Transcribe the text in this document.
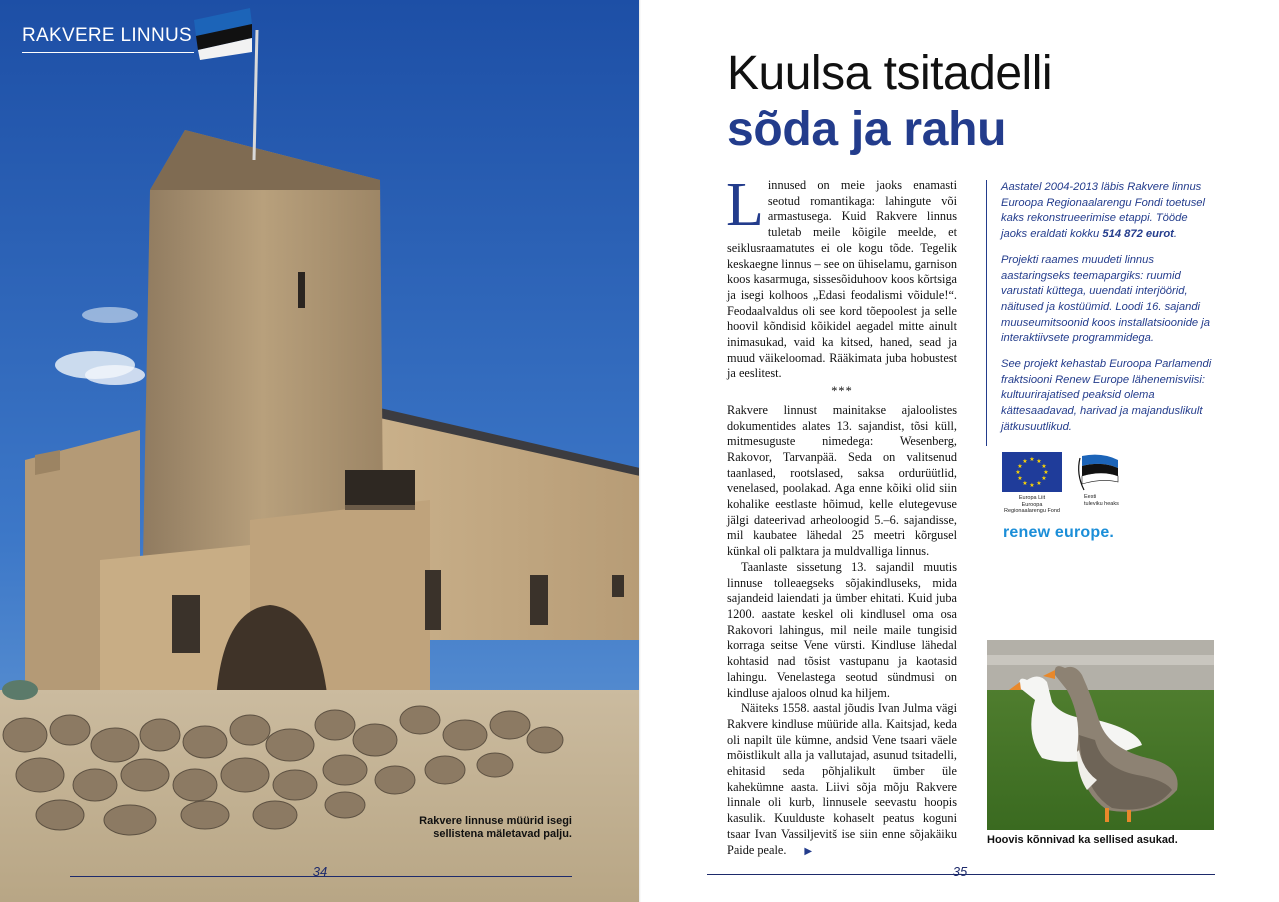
RAKVERE LINNUS
Rakvere linnuse müürid isegi sellistena mäletavad palju.
34
Kuulsa tsitadelli
sõda ja rahu

Linnused on meie jaoks enamasti seotud romantikaga: lahingute või armastusega. Kuid Rakvere linnus tuletab meile kõigile meelde, et seiklusraamatutes ei ole kogu tõde. Tegelik keskaegne linnus – see on ühiselamu, garnison koos kasarmuga, sissesõiduhoov koos kõrtsiga ja isegi kolhoos „Edasi feodalismi võidule!“. Feodaalvaldus oli see kord tõepoolest ja selle hoovil kõndisid kõikidel aegadel mitte ainult inimasukad, vaid ka kitsed, haned, sead ja muud väikeloomad. Rääkimata juba hobustest ja eeslitest.

***

Rakvere linnust mainitakse ajaloolistes dokumentides alates 13. sajandist, tõsi küll, mitmesuguste nimedega: Wesenberg, Rakovor, Tarvanpää. Seda on valitsenud taanlased, rootslased, saksa ordurüütlid, venelased, poolakad. Aga enne kõiki olid siin kohalike eestlaste hõimud, kelle elutegevuse jälgi dateerivad arheoloogid 5.–6. sajandisse, mil kaubatee lähedal 25 meetri kõrgusel künkal oli palktara ja muldvalliga linnus.

Taanlaste sissetung 13. sajandil muutis linnuse tolleaegseks sõjakindluseks, mida sajandeid laiendati ja ümber ehitati. Kuid juba 1200. aastate keskel oli kindlusel oma osa Rakovori lahingus, mil neile maile tungisid korraga seitse Vene vürsti. Kindluse lähedal kohtasid nad tõsist vastupanu ja kaotasid lahingu. Venelastega seotud sündmusi on kindluse ajaloos olnud ka hiljem.

Näiteks 1558. aastal jõudis Ivan Julma vägi Rakvere kindluse müüride alla. Kaitsjad, keda oli napilt üle kümne, andsid Vene tsaari väele mõistlikult alla ja vallutajad, asunud tsitadelli, ehitasid seda põhjalikult ümber üle kahekümne aasta. Liivi sõja mõju Rakvere linnale oli kurb, linnusele seevastu hoopis kasulik. Kuulduste kohaselt peatus koguni tsaar Ivan Vassiljevitš ise siin enne sõjakäiku Paide peale. ▶

Aastatel 2004-2013 läbis Rakvere linnus Euroopa Regionaalarengu Fondi toetusel kaks rekonstrueerimise etappi. Tööde jaoks eraldati kokku 514 872 eurot.

Projekti raames muudeti linnus aastaringseks teemapargiks: ruumid varustati küttega, uuendati interjöörid, näitused ja kostüümid. Loodi 16. sajandi muuseumitsoonid koos installatsioonide ja interaktiivsete programmidega.

See projekt kehastab Euroopa Parlamendi fraktsiooni Renew Europe lähenemisviisi: kultuurirajatised peaksid olema kättesaadavad, harivad ja majanduslikult jätkusuutlikud.

★ ★
★
★
★
★
★
★
★
★
★
★
Europa Liit
Euroopa
Regionaalarengu Fond
Eesti
tuleviku heaks
renew europe.
Hoovis kõnnivad ka sellised asukad.
35
